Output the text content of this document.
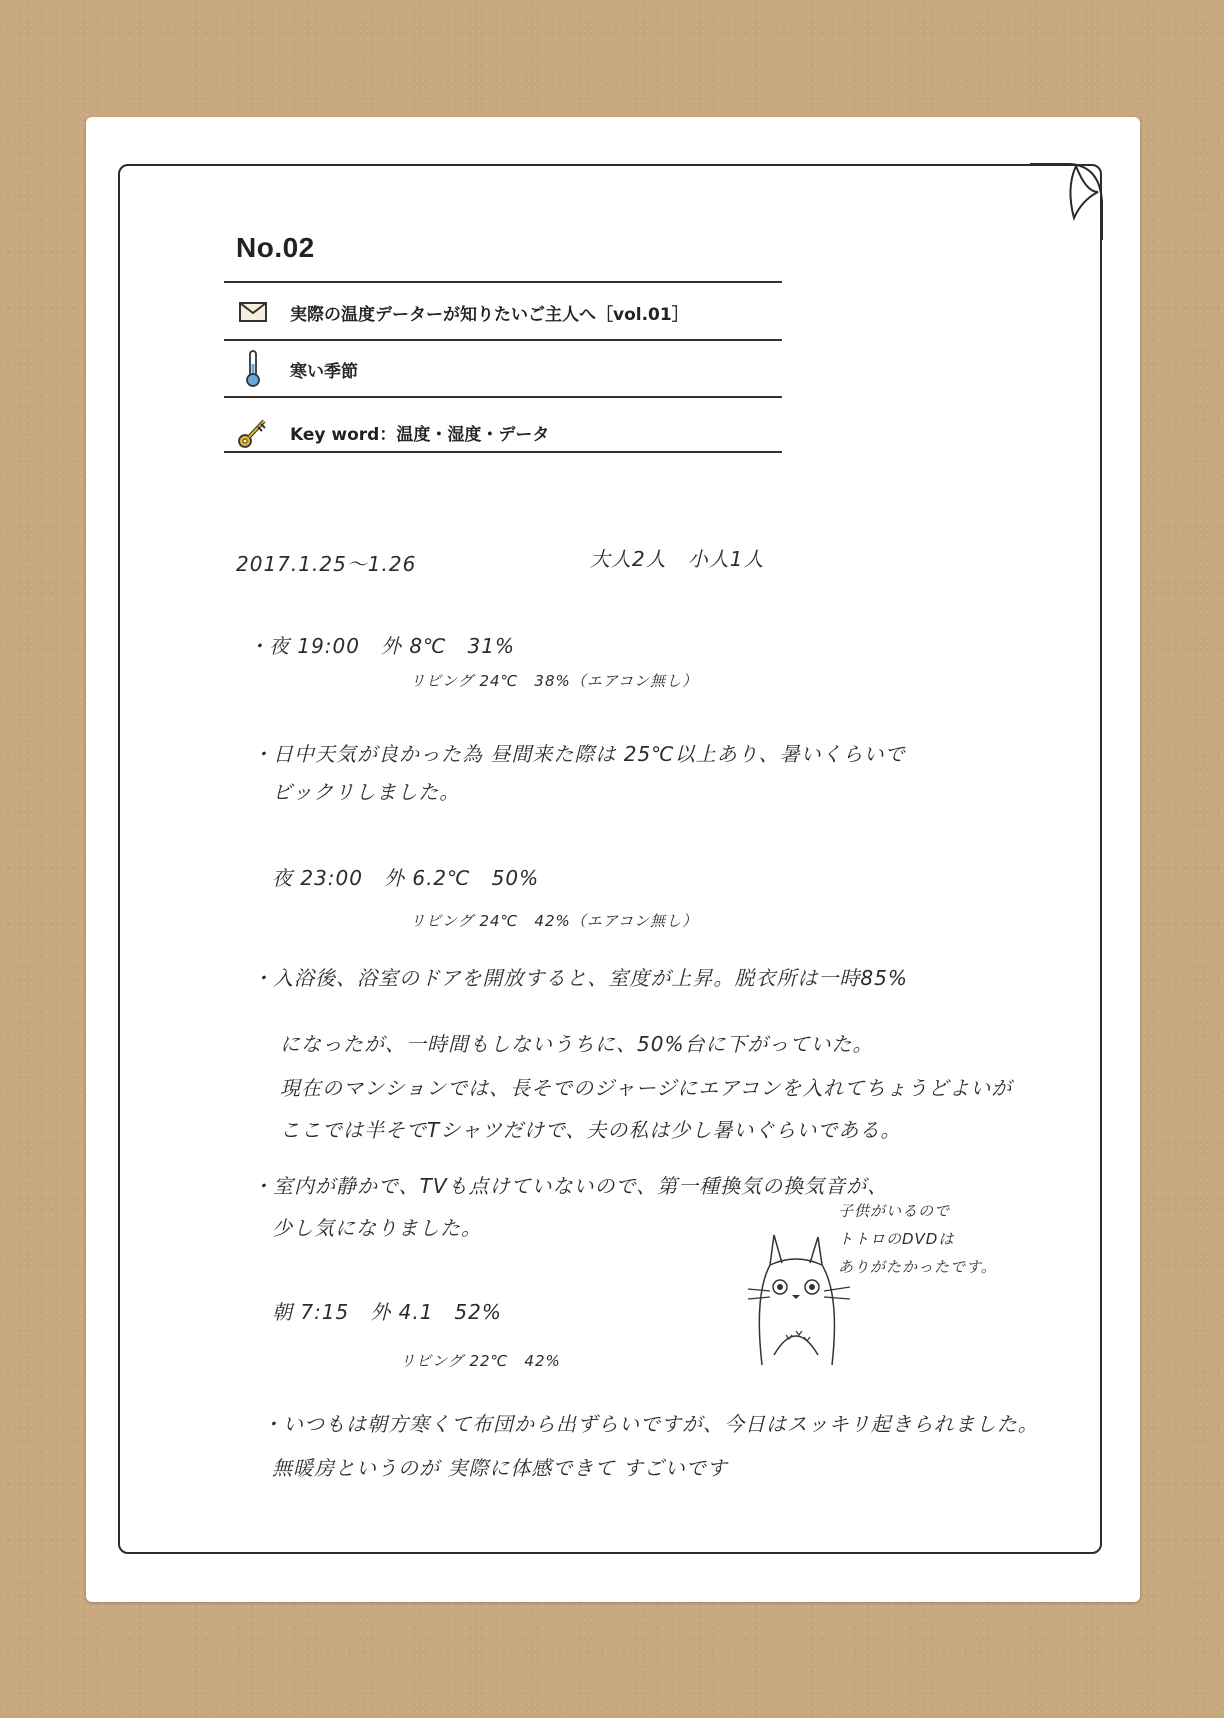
No.02
実際の温度データーが知りたいご主人へ［vol.01］
寒い季節
Key word：温度・湿度・データ
2017.1.25～1.26	大人2人　小人1人
・夜 19:00　外 8℃　31%
リビング 24℃　38%（エアコン無し）
・日中天気が良かった為 昼間来た際は 25℃以上あり、暑いくらいで
ビックリしました。
夜 23:00　外 6.2℃　50%
リビング 24℃　42%（エアコン無し）
・入浴後、浴室のドアを開放すると、室度が上昇。脱衣所は一時85%
になったが、一時間もしないうちに、50%台に下がっていた。
現在のマンションでは、長そでのジャージにエアコンを入れてちょうどよいが
ここでは半そでTシャツだけで、夫の私は少し暑いぐらいである。
・室内が静かで、TVも点けていないので、第一種換気の換気音が、
少し気になりました。
子供がいるので
トトロのDVDは
ありがたかったです。
朝 7:15　外 4.1　52%
リビング 22℃　42%
・いつもは朝方寒くて布団から出ずらいですが、今日はスッキリ起きられました。
無暖房というのが 実際に体感できて すごいです
